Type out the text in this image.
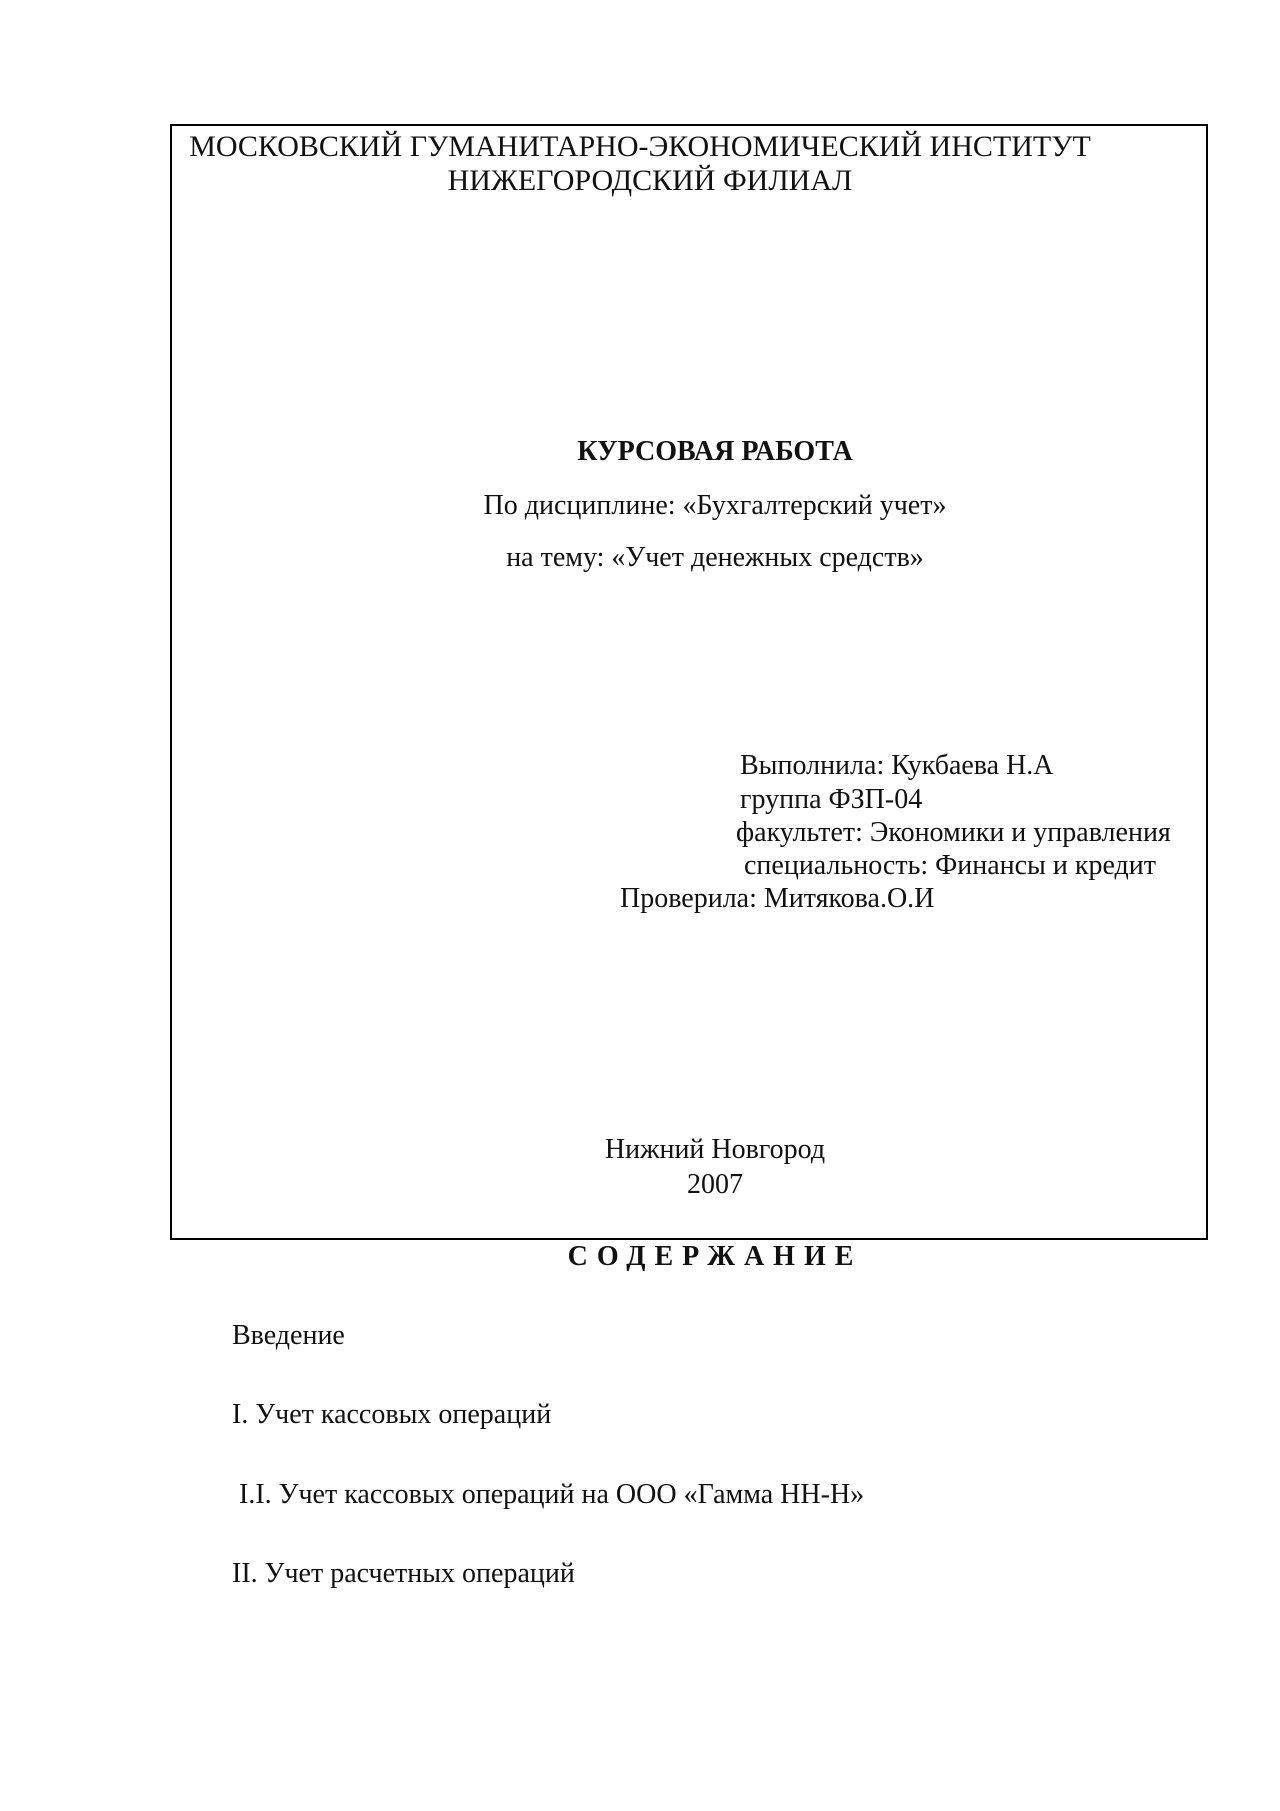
МОСКОВСКИЙ ГУМАНИТАРНО-ЭКОНОМИЧЕСКИЙ ИНСТИТУТ
НИЖЕГОРОДСКИЙ ФИЛИАЛ
КУРСОВАЯ РАБОТА
По дисциплине: «Бухгалтерский учет»
на тему: «Учет денежных средств»
Выполнила: Кукбаева Н.А
группа ФЗП-04
факультет: Экономики и управления
специальность: Финансы и кредит
Проверила: Митякова.О.И
Нижний Новгород
2007
СОДЕРЖАНИЕ
Введение
I. Учет кассовых операций
I.I. Учет кассовых операций на ООО «Гамма НН-Н»
II. Учет расчетных операций
